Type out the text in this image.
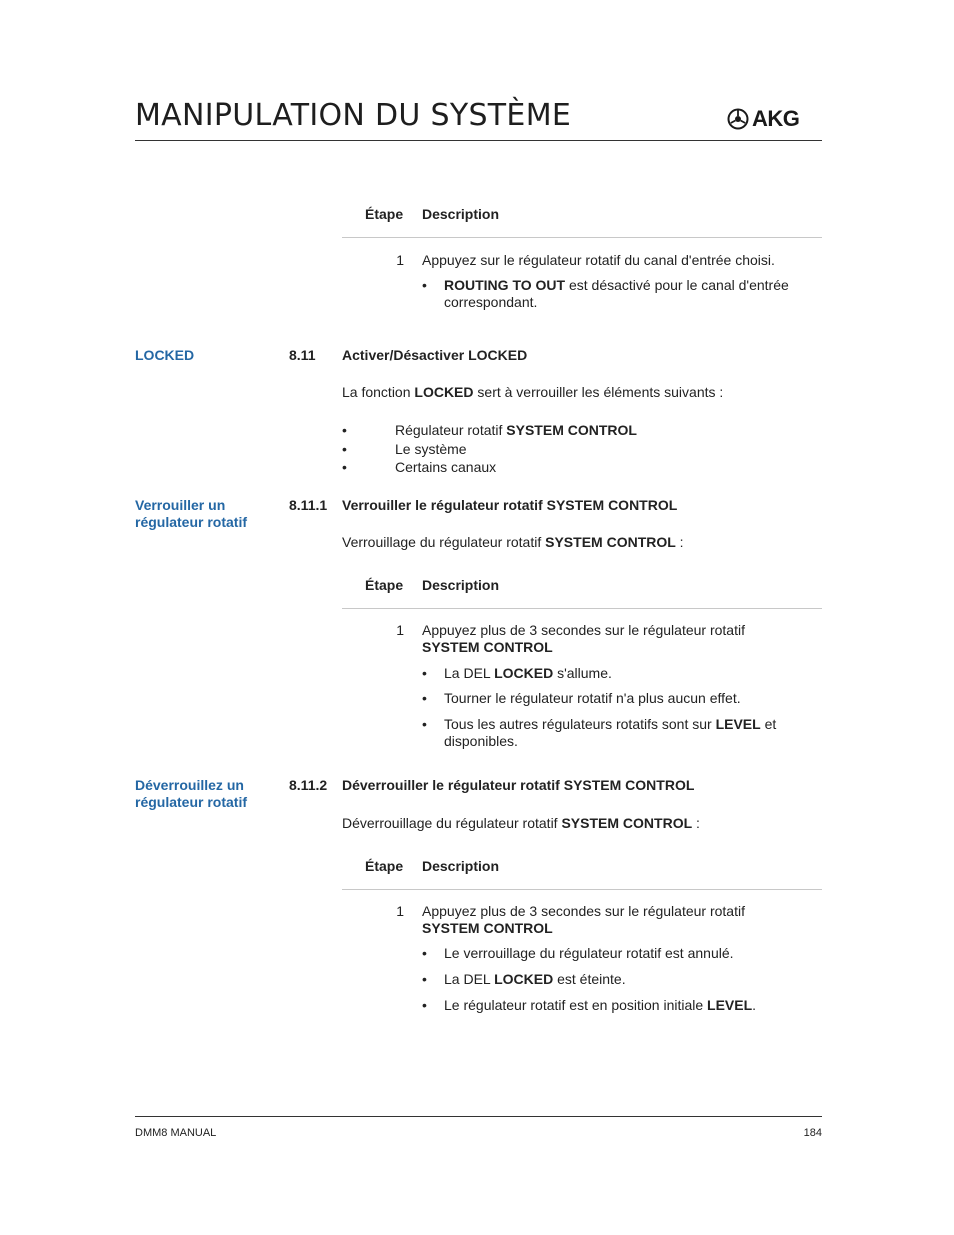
MANIPULATION DU SYSTÈME	AKG
Étape Description
1 Appuyez sur le régulateur rotatif du canal d'entrée choisi.
• ROUTING TO OUT est désactivé pour le canal d'entrée
correspondant.
LOCKED	8.11 Activer/Désactiver LOCKED
La fonction LOCKED sert à verrouiller les éléments suivants :
•	Régulateur rotatif SYSTEM CONTROL
•	Le système
•	Certains canaux
Verrouiller un
régulateur rotatif
8.11.1 Verrouiller le régulateur rotatif SYSTEM CONTROL
Verrouillage du régulateur rotatif SYSTEM CONTROL :
Étape Description
1 Appuyez plus de 3 secondes sur le régulateur rotatif
SYSTEM CONTROL
• La DEL LOCKED s'allume.
• Tourner le régulateur rotatif n'a plus aucun effet.
• Tous les autres régulateurs rotatifs sont sur LEVEL et
disponibles.
Déverrouillez un
régulateur rotatif
8.11.2 Déverrouiller le régulateur rotatif SYSTEM CONTROL
Déverrouillage du régulateur rotatif SYSTEM CONTROL :
Étape Description
1 Appuyez plus de 3 secondes sur le régulateur rotatif
SYSTEM CONTROL
• Le verrouillage du régulateur rotatif est annulé.
• La DEL LOCKED est éteinte.
• Le régulateur rotatif est en position initiale LEVEL.
DMM8 MANUAL	184
